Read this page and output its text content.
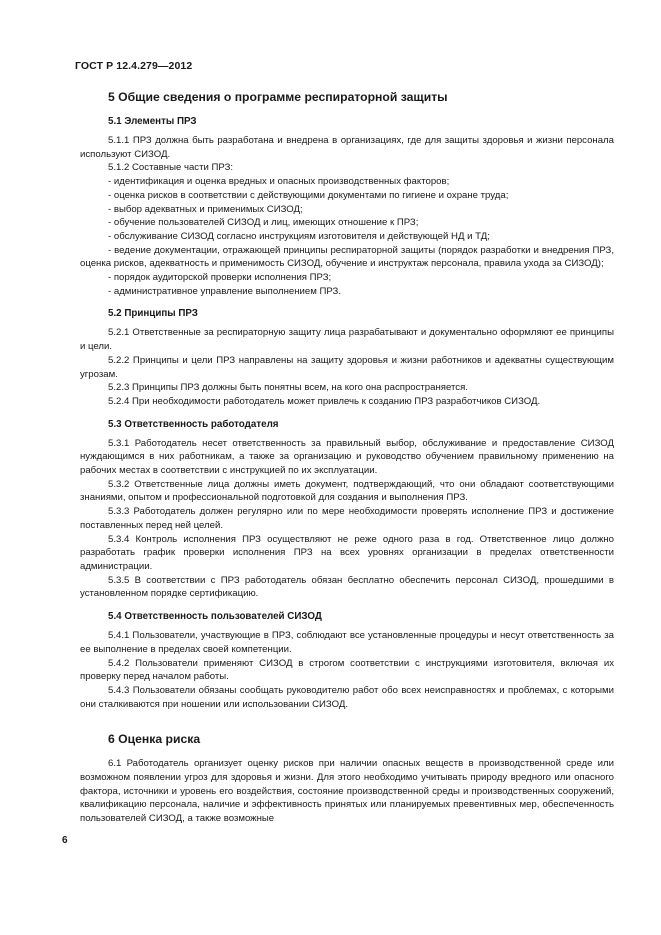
ГОСТ Р 12.4.279—2012
5 Общие сведения о программе респираторной защиты
5.1 Элементы ПРЗ

5.1.1 ПРЗ должна быть разработана и внедрена в организациях, где для защиты здоровья и жизни персонала используют СИЗОД.

5.1.2 Составные части ПРЗ:

- идентификация и оценка вредных и опасных производственных факторов;

- оценка рисков в соответствии с действующими документами по гигиене и охране труда;

- выбор адекватных и применимых СИЗОД;

- обучение пользователей СИЗОД и лиц, имеющих отношение к ПРЗ;

- обслуживание СИЗОД согласно инструкциям изготовителя и действующей НД и ТД;

- ведение документации, отражающей принципы респираторной защиты (порядок разработки и внедрения ПРЗ, оценка рисков, адекватность и применимость СИЗОД, обучение и инструктаж персонала, правила ухода за СИЗОД);

- порядок аудиторской проверки исполнения ПРЗ;

- административное управление выполнением ПРЗ.

5.2 Принципы ПРЗ

5.2.1 Ответственные за респираторную защиту лица разрабатывают и документально оформляют ее принципы и цели.

5.2.2 Принципы и цели ПРЗ направлены на защиту здоровья и жизни работников и адекватны существующим угрозам.

5.2.3 Принципы ПРЗ должны быть понятны всем, на кого она распространяется.

5.2.4 При необходимости работодатель может привлечь к созданию ПРЗ разработчиков СИЗОД.

5.3 Ответственность работодателя

5.3.1 Работодатель несет ответственность за правильный выбор, обслуживание и предоставление СИЗОД нуждающимся в них работникам, а также за организацию и руководство обучением правильному применению на рабочих местах в соответствии с инструкцией по их эксплуатации.

5.3.2 Ответственные лица должны иметь документ, подтверждающий, что они обладают соответствующими знаниями, опытом и профессиональной подготовкой для создания и выполнения ПРЗ.

5.3.3 Работодатель должен регулярно или по мере необходимости проверять исполнение ПРЗ и достижение поставленных перед ней целей.

5.3.4 Контроль исполнения ПРЗ осуществляют не реже одного раза в год. Ответственное лицо должно разработать график проверки исполнения ПРЗ на всех уровнях организации в пределах ответственности администрации.

5.3.5 В соответствии с ПРЗ работодатель обязан бесплатно обеспечить персонал СИЗОД, прошедшими в установленном порядке сертификацию.

5.4 Ответственность пользователей СИЗОД

5.4.1 Пользователи, участвующие в ПРЗ, соблюдают все установленные процедуры и несут ответственность за ее выполнение в пределах своей компетенции.

5.4.2 Пользователи применяют СИЗОД в строгом соответствии с инструкциями изготовителя, включая их проверку перед началом работы.

5.4.3 Пользователи обязаны сообщать руководителю работ обо всех неисправностях и проблемах, с которыми они сталкиваются при ношении или использовании СИЗОД.

6 Оценка риска

6.1 Работодатель организует оценку рисков при наличии опасных веществ в производственной среде или возможном появлении угроз для здоровья и жизни. Для этого необходимо учитывать природу вредного или опасного фактора, источники и уровень его воздействия, состояние производственной среды и производственных сооружений, квалификацию персонала, наличие и эффективность принятых или планируемых превентивных мер, обеспеченность пользователей СИЗОД, а также возможные

6
